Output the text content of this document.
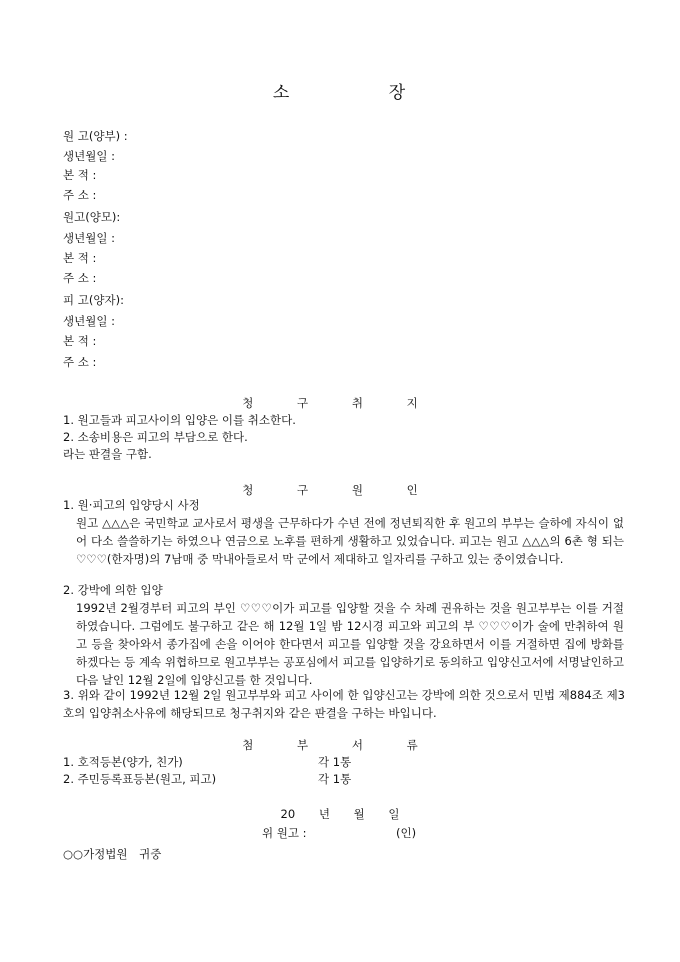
소	장
원 고(양부) :
생년월일 :
본 적 :
주 소 :
원고(양모):
생년월일 :
본 적 :
주 소 :
피 고(양자):
생년월일 :
본 적 :
주 소 :
청 구 취 지
1. 원고들과 피고사이의 입양은 이를 취소한다.
2. 소송비용은 피고의 부담으로 한다.
라는 판결을 구함.
청 구 원 인
1. 원·피고의 입양당시 사정
원고 △△△은 국민학교 교사로서 평생을 근무하다가 수년 전에 정년퇴직한 후 원고의 부부는 슬하에 자식이 없어 다소 쓸쓸하기는 하였으나 연금으로 노후를 편하게 생활하고 있었습니다. 피고는 원고 △△△의 6촌 형 되는 ♡♡♡(한자명)의 7남매 중 막내아들로서 막 군에서 제대하고 일자리를 구하고 있는 중이였습니다.
2. 강박에 의한 입양
1992년 2월경부터 피고의 부인 ♡♡♡이가 피고를 입양할 것을 수 차례 권유하는 것을 원고부부는 이를 거절하였습니다. 그럼에도 불구하고 같은 해 12월 1일 밤 12시경 피고와 피고의 부 ♡♡♡이가 술에 만취하여 원고 등을 찾아와서 종가집에 손을 이어야 한다면서 피고를 입양할 것을 강요하면서 이를 거절하면 집에 방화를 하겠다는 등 계속 위협하므로 원고부부는 공포심에서 피고를 입양하기로 동의하고 입양신고서에 서명날인하고 다음 날인 12월 2일에 입양신고를 한 것입니다.
3. 위와 같이 1992년 12월 2일 원고부부와 피고 사이에 한 입양신고는 강박에 의한 것으로서 민법 제884조 제3호의 입양취소사유에 해당되므로 청구취지와 같은 판결을 구하는 바입니다.
첨 부 서 류
1. 호적등본(양가, 친가)	각 1통
2. 주민등록표등본(원고, 피고)	각 1통
20 년 월 일
위 원고 :	(인)
○○가정법원 귀중
